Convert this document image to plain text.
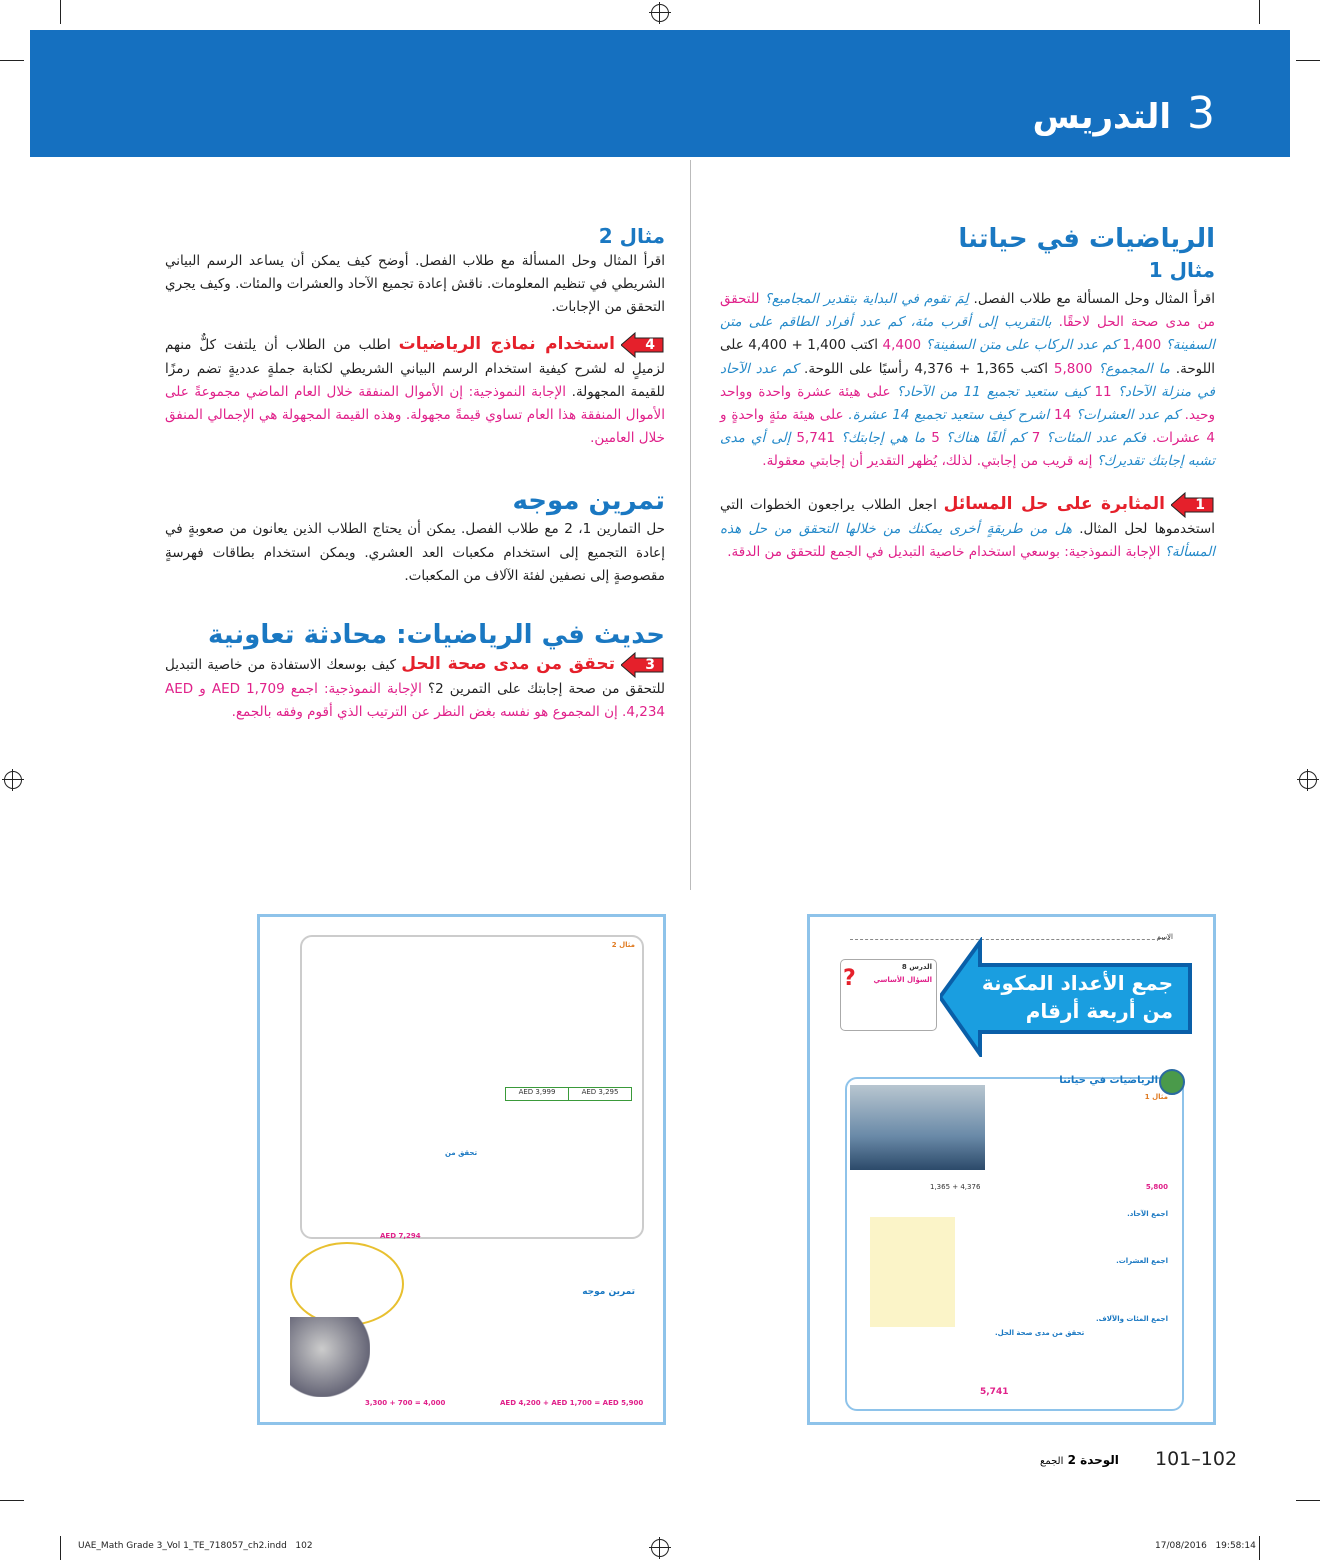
3التدريس
الرياضيات في حياتنا
مثال 1

اقرأ المثال وحل المسألة مع طلاب الفصل. لِمَ تقوم في البداية بتقدير المجاميع؟ للتحقق من مدى صحة الحل لاحقًا. بالتقريب إلى أقرب مئة، كم عدد أفراد الطاقم على متن السفينة؟ 1,400 كم عدد الركاب على متن السفينة؟ 4,400 اكتب 1,400 + 4,400 على اللوحة. ما المجموع؟ 5,800 اكتب 1,365 + 4,376 رأسيًا على اللوحة. كم عدد الآحاد في منزلة الآحاد؟ 11 كيف ستعيد تجميع 11 من الآحاد؟ على هيئة عشرة واحدة وواحد وحيد. كم عدد العشرات؟ 14 اشرح كيف ستعيد تجميع 14 عشرة. على هيئة مئةٍ واحدةٍ و 4 عشرات. فكم عدد المئات؟ 7 كم ألفًا هناك؟ 5 ما هي إجابتك؟ 5,741 إلى أي مدى تشبه إجابتك تقديرك؟ إنه قريب من إجابتي. لذلك، يُظهر التقدير أن إجابتي معقولة.

1
المثابرة على حل المسائل اجعل الطلاب يراجعون الخطوات التي استخدموها لحل المثال. هل من طريقةٍ أخرى يمكنك من خلالها التحقق من حل هذه المسألة؟ الإجابة النموذجية: بوسعي استخدام خاصية التبديل في الجمع للتحقق من الدقة.

مثال 2

اقرأ المثال وحل المسألة مع طلاب الفصل. أوضح كيف يمكن أن يساعد الرسم البياني الشريطي في تنظيم المعلومات. ناقش إعادة تجميع الآحاد والعشرات والمئات. وكيف يجري التحقق من الإجابات.

4
استخدام نماذج الرياضيات اطلب من الطلاب أن يلتفت كلٌّ منهم لزميلٍ له لشرح كيفية استخدام الرسم البياني الشريطي لكتابة جملةٍ عدديةٍ تضم رمزًا للقيمة المجهولة. الإجابة النموذجية: إن الأموال المنفقة خلال العام الماضي مجموعةً على الأموال المنفقة هذا العام تساوي قيمةً مجهولة. وهذه القيمة المجهولة هي الإجمالي المنفق خلال العامين.

تمرين موجه

حل التمارين 1، 2 مع طلاب الفصل. يمكن أن يحتاج الطلاب الذين يعانون من صعوبةٍ في إعادة التجميع إلى استخدام مكعبات العد العشري. ويمكن استخدام بطاقات فهرسةٍ مقصوصةٍ إلى نصفين لفئة الآلاف من المكعبات.

حديث في الرياضيات: محادثة تعاونية

3
تحقق من مدى صحة الحل كيف بوسعك الاستفادة من خاصية التبديل للتحقق من صحة إجابتك على التمرين 2؟ الإجابة النموذجية: اجمع AED 1,709 و AED 4,234. إن المجموع هو نفسه بغض النظر عن الترتيب الذي أقوم وفقه بالجمع.

الاسم
جمع الأعداد المكونة من أربعة أرقام
الدرس 8
السؤال الأساسي
?
الرياضيات في حياتنا
مثال 1
5,800
1,365 + 4,376
اجمع الآحاد.
اجمع العشرات.
اجمع المئات والآلاف.
تحقق من مدى صحة الحل.
5,741
مثال 2
AED 3,295
AED 3,999
AED 7,294
تحقق من
تمرين موجه
3,300 + 700 = 4,000	AED 4,200 + AED 1,700 = AED 5,900
101–102
الوحدة 2 الجمع
UAE_Math Grade 3_Vol 1_TE_718057_ch2.indd   102	17/08/2016   19:58:14
